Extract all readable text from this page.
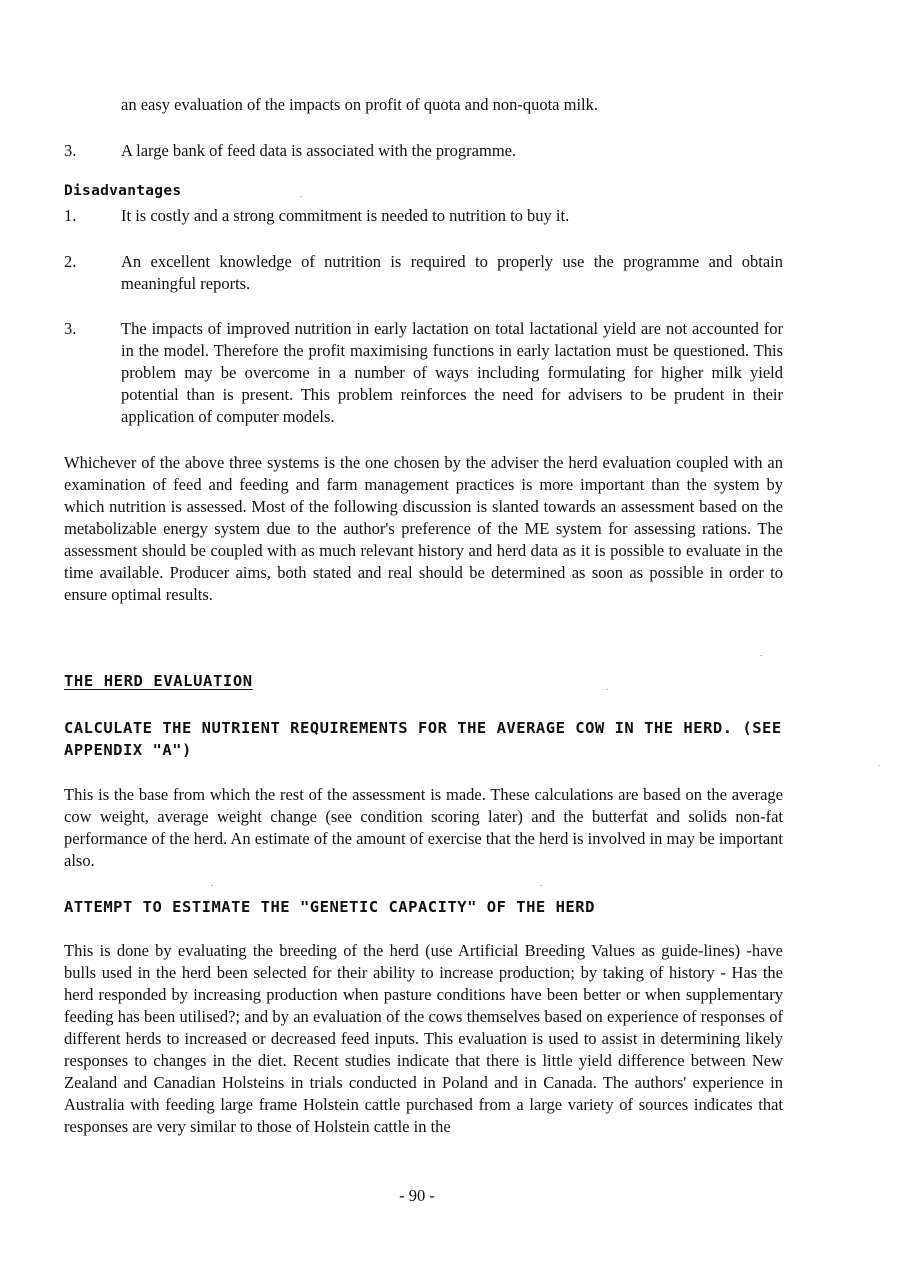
an easy evaluation of the impacts on profit of quota and non-quota milk.
3.	A large bank of feed data is associated with the programme.
Disadvantages
1.	It is costly and a strong commitment is needed to nutrition to buy it.
2.	An excellent knowledge of nutrition is required to properly use the programme and obtain meaningful reports.
3.	The impacts of improved nutrition in early lactation on total lactational yield are not accounted for in the model. Therefore the profit maximising functions in early lactation must be questioned. This problem may be overcome in a number of ways including formulating for higher milk yield potential than is present. This problem reinforces the need for advisers to be prudent in their application of computer models.

Whichever of the above three systems is the one chosen by the adviser the herd evaluation coupled with an examination of feed and feeding and farm management practices is more important than the system by which nutrition is assessed. Most of the following discussion is slanted towards an assessment based on the metabolizable energy system due to the author's preference of the ME system for assessing rations. The assessment should be coupled with as much relevant history and herd data as it is possible to evaluate in the time available. Producer aims, both stated and real should be determined as soon as possible in order to ensure optimal results.

THE HERD EVALUATION
CALCULATE THE NUTRIENT REQUIREMENTS FOR THE AVERAGE COW IN THE HERD. (SEE APPENDIX "A")

This is the base from which the rest of the assessment is made. These calculations are based on the average cow weight, average weight change (see condition scoring later) and the butterfat and solids non-fat performance of the herd. An estimate of the amount of exercise that the herd is involved in may be important also.

ATTEMPT TO ESTIMATE THE "GENETIC CAPACITY" OF THE HERD

This is done by evaluating the breeding of the herd (use Artificial Breeding Values as guide-lines) -have bulls used in the herd been selected for their ability to increase production; by taking of history - Has the herd responded by increasing production when pasture conditions have been better or when supplementary feeding has been utilised?; and by an evaluation of the cows themselves based on experience of responses of different herds to increased or decreased feed inputs. This evaluation is used to assist in determining likely responses to changes in the diet. Recent studies indicate that there is little yield difference between New Zealand and Canadian Holsteins in trials conducted in Poland and in Canada. The authors' experience in Australia with feeding large frame Holstein cattle purchased from a large variety of sources indicates that responses are very similar to those of Holstein cattle in the

- 90 -
